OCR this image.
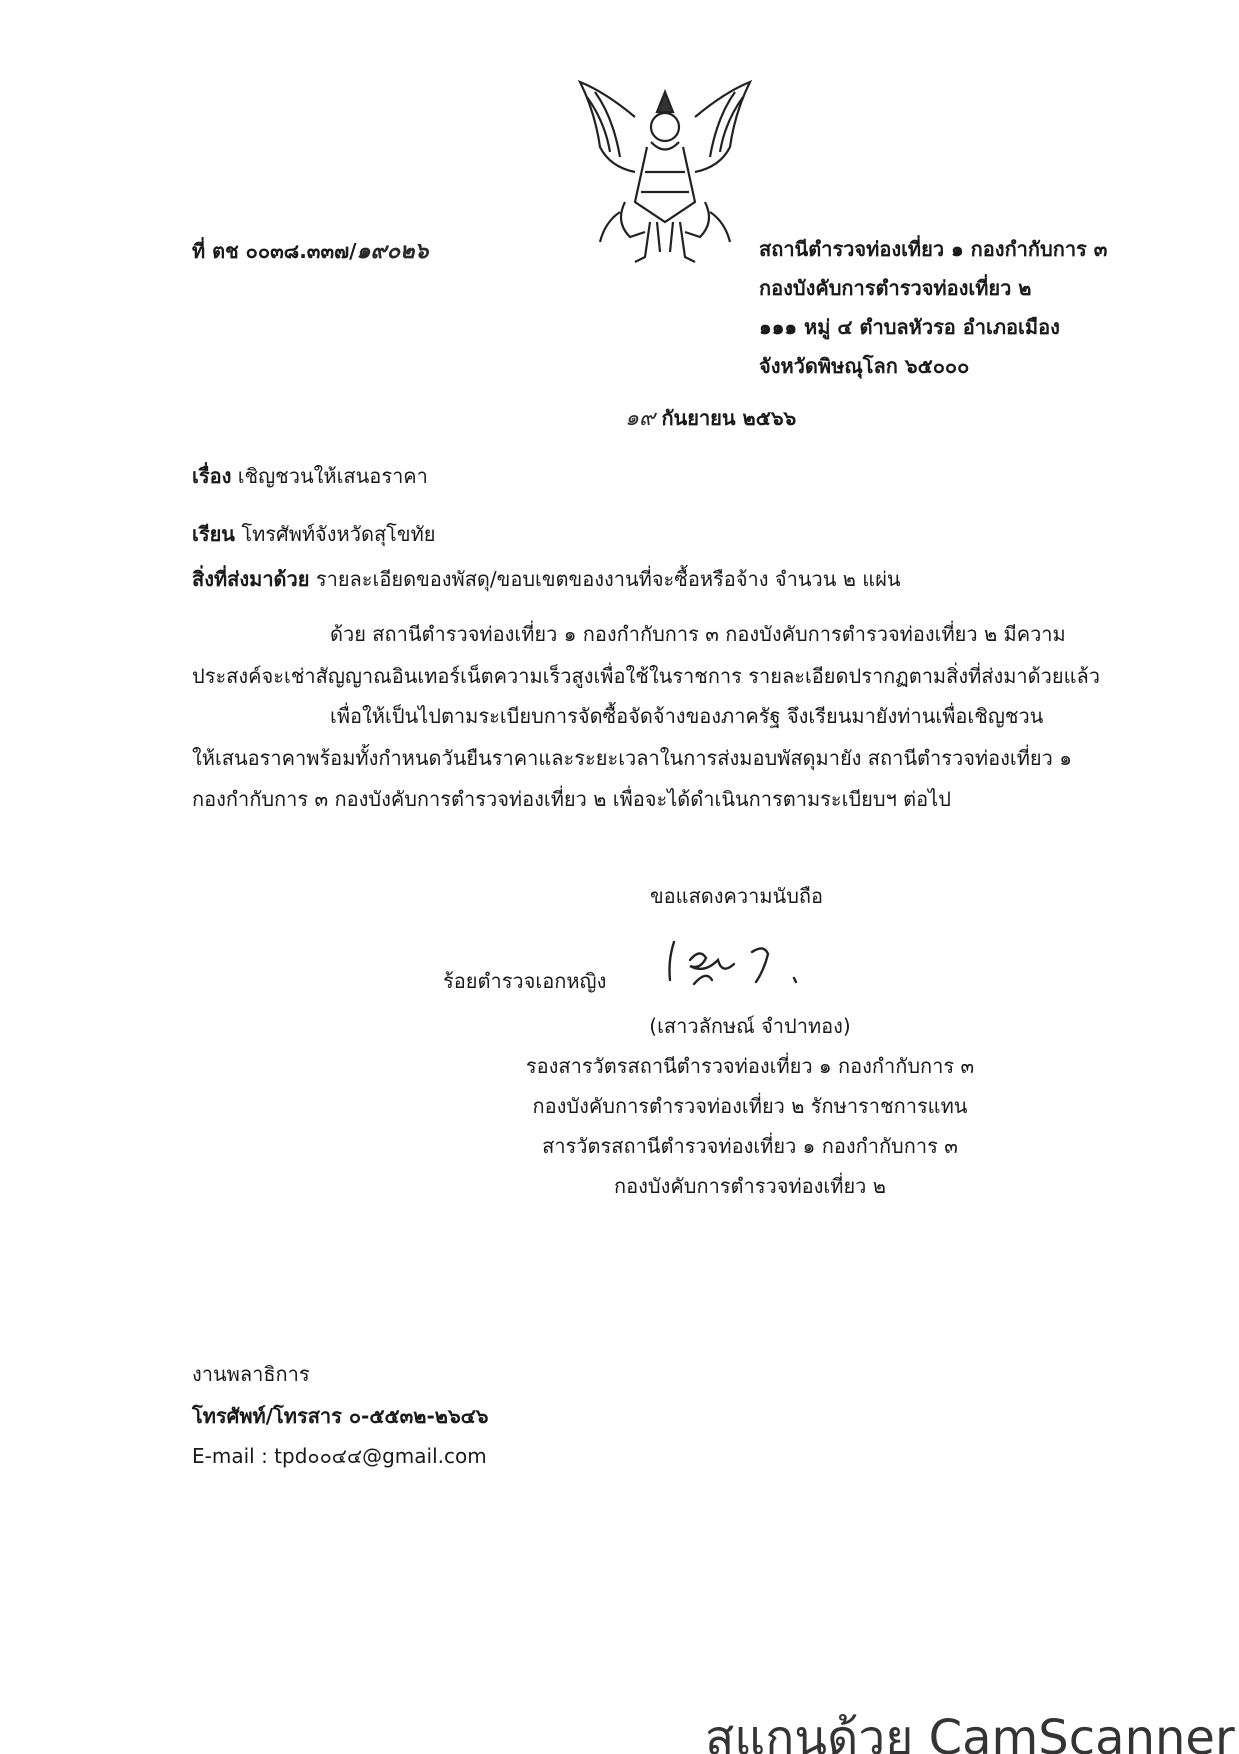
ที่ ตช ๐๐๓๘.๓๓๗/๑๙๐๒๖	สถานีตำรวจท่องเที่ยว ๑ กองกำกับการ ๓
กองบังคับการตำรวจท่องเที่ยว ๒
๑๑๑ หมู่ ๔ ตำบลหัวรอ อำเภอเมือง
จังหวัดพิษณุโลก ๖๕๐๐๐
๑๙ กันยายน ๒๕๖๖
เรื่อง เชิญชวนให้เสนอราคา
เรียน โทรศัพท์จังหวัดสุโขทัย
สิ่งที่ส่งมาด้วย รายละเอียดของพัสดุ/ขอบเขตของงานที่จะซื้อหรือจ้าง จำนวน ๒ แผ่น
ด้วย สถานีตำรวจท่องเที่ยว ๑ กองกำกับการ ๓ กองบังคับการตำรวจท่องเที่ยว ๒ มีความ
ประสงค์จะเช่าสัญญาณอินเทอร์เน็ตความเร็วสูงเพื่อใช้ในราชการ รายละเอียดปรากฏตามสิ่งที่ส่งมาด้วยแล้ว
เพื่อให้เป็นไปตามระเบียบการจัดซื้อจัดจ้างของภาครัฐ จึงเรียนมายังท่านเพื่อเชิญชวน
ให้เสนอราคาพร้อมทั้งกำหนดวันยืนราคาและระยะเวลาในการส่งมอบพัสดุมายัง สถานีตำรวจท่องเที่ยว ๑
กองกำกับการ ๓ กองบังคับการตำรวจท่องเที่ยว ๒ เพื่อจะได้ดำเนินการตามระเบียบฯ ต่อไป
ขอแสดงความนับถือ
ร้อยตำรวจเอกหญิง
(เสาวลักษณ์ จำปาทอง)
รองสารวัตรสถานีตำรวจท่องเที่ยว ๑ กองกำกับการ ๓
กองบังคับการตำรวจท่องเที่ยว ๒ รักษาราชการแทน
สารวัตรสถานีตำรวจท่องเที่ยว ๑ กองกำกับการ ๓
กองบังคับการตำรวจท่องเที่ยว ๒
งานพลาธิการ
โทรศัพท์/โทรสาร ๐-๕๕๓๒-๒๖๔๖
E-mail : tpd๐๐๔๔@gmail.com
สแกนด้วย CamScanner
